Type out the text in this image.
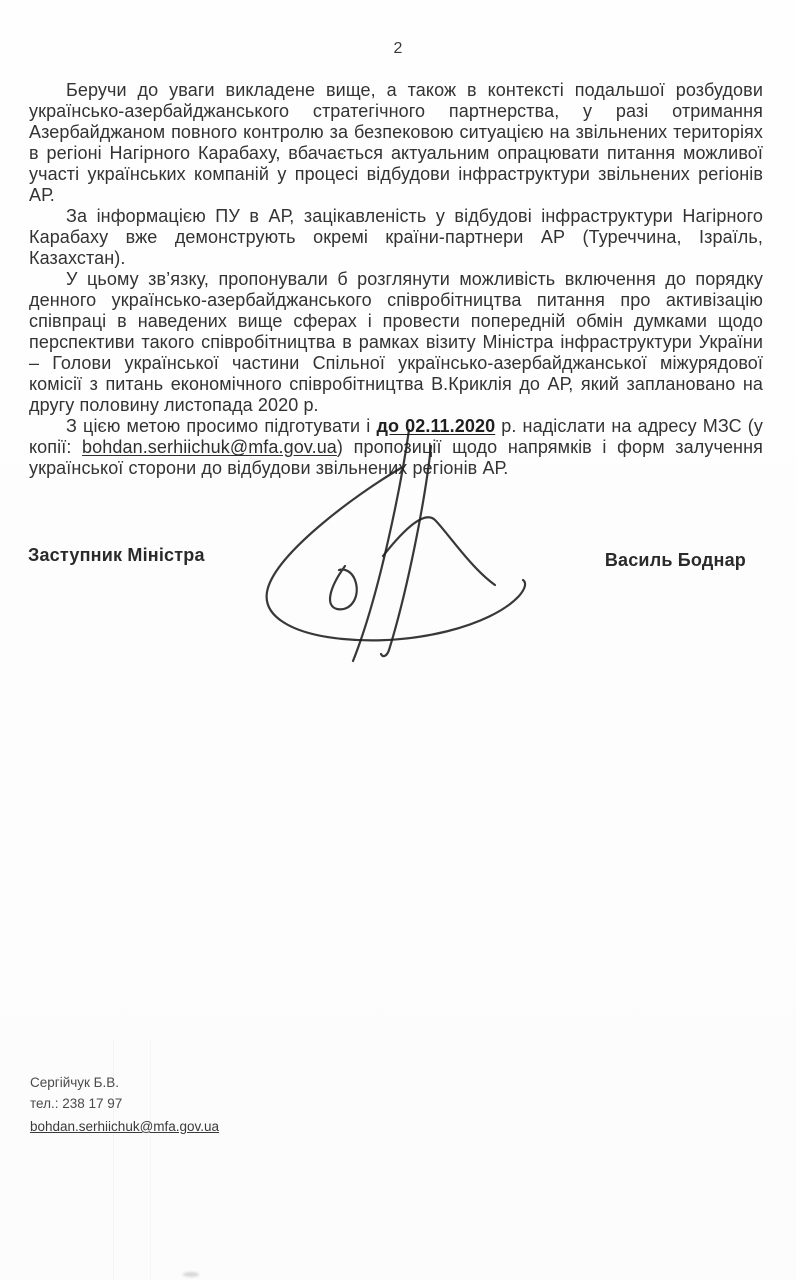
2

Беручи до уваги викладене вище, а також в контексті подальшої розбудови українсько-азербайджанського стратегічного партнерства, у разі отримання Азербайджаном повного контролю за безпековою ситуацією на звільнених територіях в регіоні Нагірного Карабаху, вбачається актуальним опрацювати питання можливої участі українських компаній у процесі відбудови інфраструктури звільнених регіонів АР.

За інформацією ПУ в АР, зацікавленість у відбудові інфраструктури Нагірного Карабаху вже демонструють окремі країни-партнери АР (Туреччина, Ізраїль, Казахстан).

У цьому зв’язку, пропонували б розглянути можливість включення до порядку денного українсько-азербайджанського співробітництва питання про активізацію співпраці в наведених вище сферах і провести попередній обмін думками щодо перспективи такого співробітництва в рамках візиту Міністра інфраструктури України – Голови української частини Спільної українсько-азербайджанської міжурядової комісії з питань економічного співробітництва В.Криклія до АР, який заплановано на другу половину листопада 2020 р.

З цією метою просимо підготувати і до 02.11.2020 р. надіслати на адресу МЗС (у копії: bohdan.serhiichuk@mfa.gov.ua) пропозиції щодо напрямків і форм залучення української сторони до відбудови звільнених регіонів АР.

Заступник Міністра	Василь Боднар
Сергійчук Б.В.
тел.: 238 17 97
bohdan.serhiichuk@mfa.gov.ua
